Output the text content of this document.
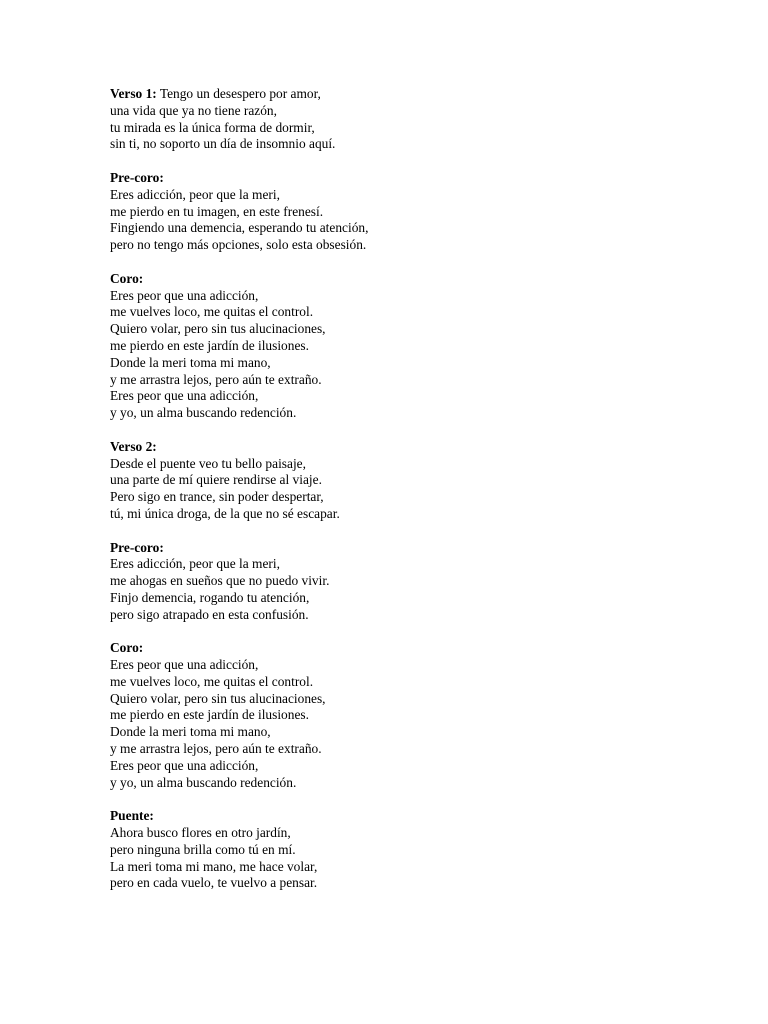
Verso 1: Tengo un desespero por amor,
una vida que ya no tiene razón,
tu mirada es la única forma de dormir,
sin ti, no soporto un día de insomnio aquí.
Pre-coro:
Eres adicción, peor que la meri,
me pierdo en tu imagen, en este frenesí.
Fingiendo una demencia, esperando tu atención,
pero no tengo más opciones, solo esta obsesión.
Coro:
Eres peor que una adicción,
me vuelves loco, me quitas el control.
Quiero volar, pero sin tus alucinaciones,
me pierdo en este jardín de ilusiones.
Donde la meri toma mi mano,
y me arrastra lejos, pero aún te extraño.
Eres peor que una adicción,
y yo, un alma buscando redención.
Verso 2:
Desde el puente veo tu bello paisaje,
una parte de mí quiere rendirse al viaje.
Pero sigo en trance, sin poder despertar,
tú, mi única droga, de la que no sé escapar.
Pre-coro:
Eres adicción, peor que la meri,
me ahogas en sueños que no puedo vivir.
Finjo demencia, rogando tu atención,
pero sigo atrapado en esta confusión.
Coro:
Eres peor que una adicción,
me vuelves loco, me quitas el control.
Quiero volar, pero sin tus alucinaciones,
me pierdo en este jardín de ilusiones.
Donde la meri toma mi mano,
y me arrastra lejos, pero aún te extraño.
Eres peor que una adicción,
y yo, un alma buscando redención.
Puente:
Ahora busco flores en otro jardín,
pero ninguna brilla como tú en mí.
La meri toma mi mano, me hace volar,
pero en cada vuelo, te vuelvo a pensar.
